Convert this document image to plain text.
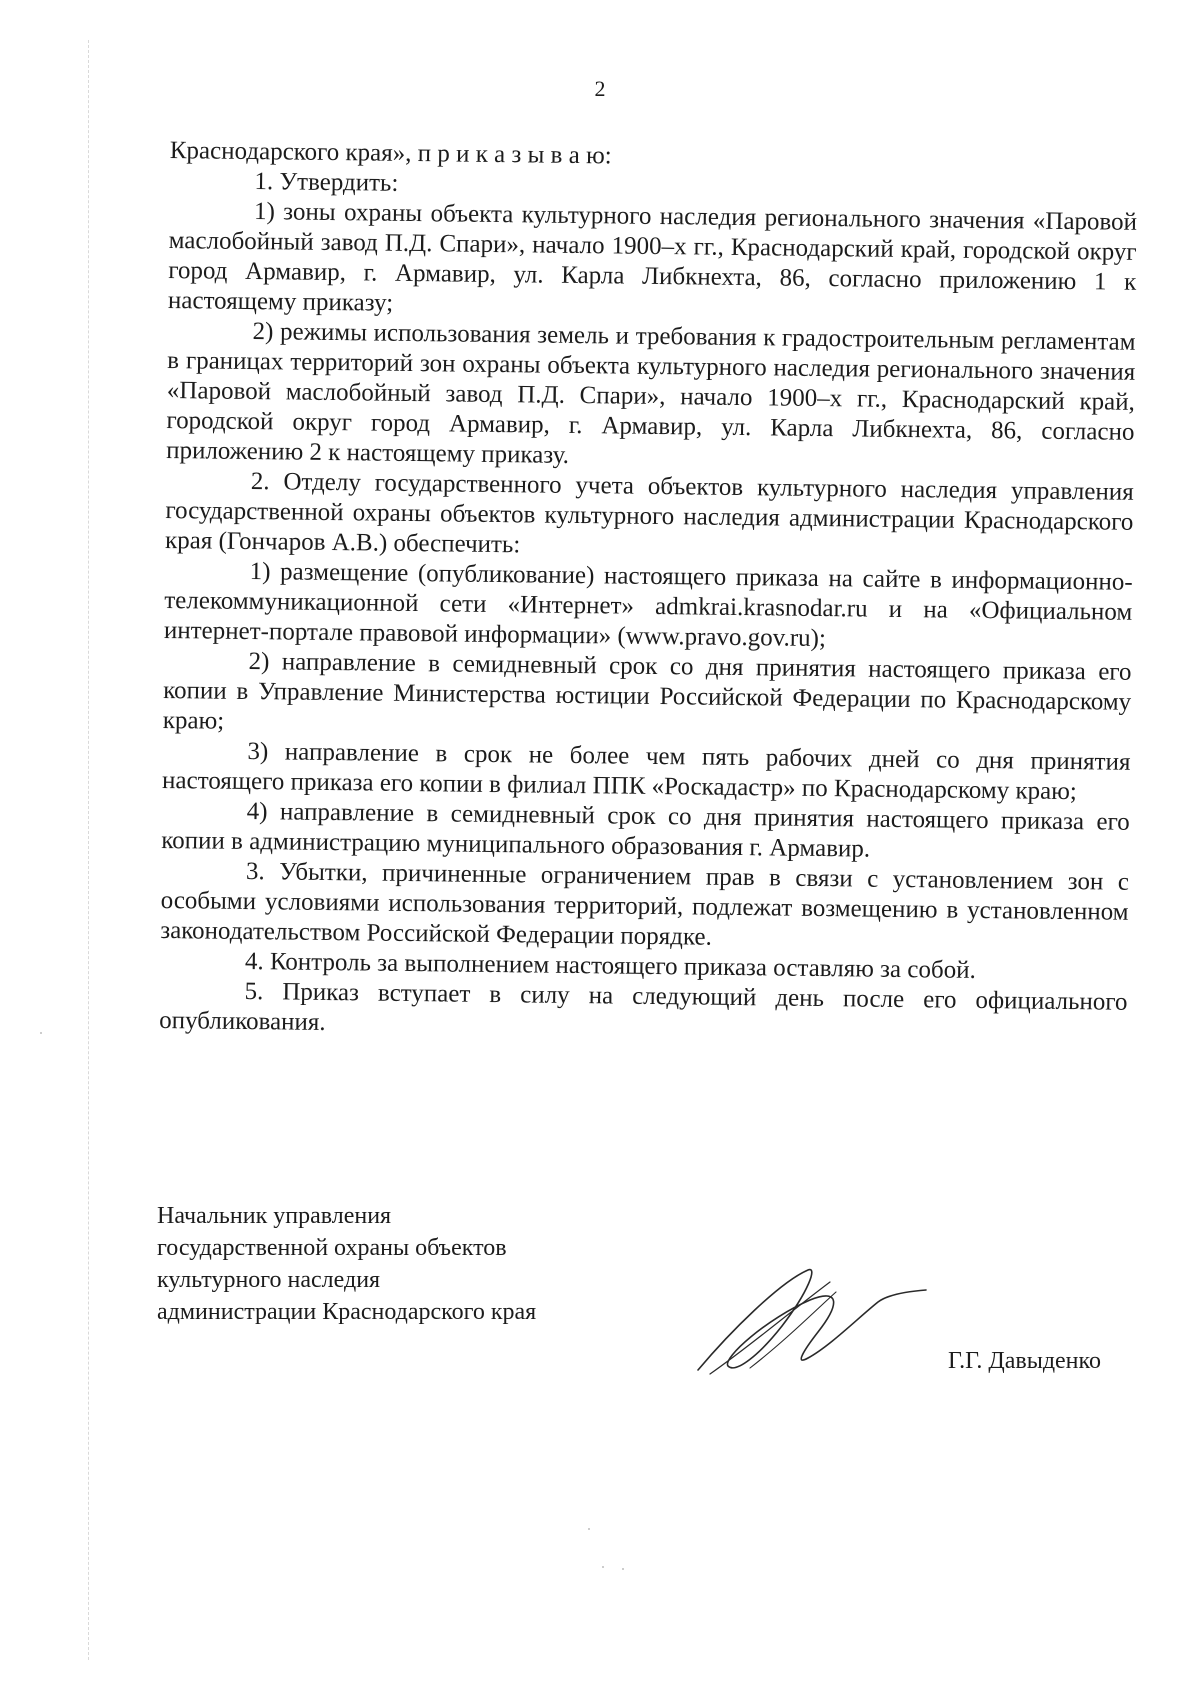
2

Краснодарского края», п р и к а з ы в а ю:

1. Утвердить:

1) зоны охраны объекта культурного наследия регионального значения «Паровой маслобойный завод П.Д. Спари», начало 1900–х гг., Краснодарский край, городской округ город Армавир, г. Армавир, ул. Карла Либкнехта, 86, согласно приложению 1 к настоящему приказу;

2) режимы использования земель и требования к градостроительным регламентам в границах территорий зон охраны объекта культурного наследия регионального значения «Паровой маслобойный завод П.Д. Спари», начало 1900–х гг., Краснодарский край, городской округ город Армавир, г. Армавир, ул. Карла Либкнехта, 86, согласно приложению 2 к настоящему приказу.

2. Отделу государственного учета объектов культурного наследия управления государственной охраны объектов культурного наследия администрации Краснодарского края (Гончаров А.В.) обеспечить:

1) размещение (опубликование) настоящего приказа на сайте в информационно-телекоммуникационной сети «Интернет» admkrai.krasnodar.ru и на «Официальном интернет-портале правовой информации» (www.pravo.gov.ru);

2) направление в семидневный срок со дня принятия настоящего приказа его копии в Управление Министерства юстиции Российской Федерации по Краснодарскому краю;

3) направление в срок не более чем пять рабочих дней со дня принятия настоящего приказа его копии в филиал ППК «Роскадастр» по Краснодарскому краю;

4) направление в семидневный срок со дня принятия настоящего приказа его копии в администрацию муниципального образования г. Армавир.

3. Убытки, причиненные ограничением прав в связи с установлением зон с особыми условиями использования территорий, подлежат возмещению в установленном законодательством Российской Федерации порядке.

4. Контроль за выполнением настоящего приказа оставляю за собой.

5. Приказ вступает в силу на следующий день после его официального опубликования.

Начальник управления
государственной охраны объектов
культурного наследия
администрации Краснодарского края
Г.Г. Давыденко
